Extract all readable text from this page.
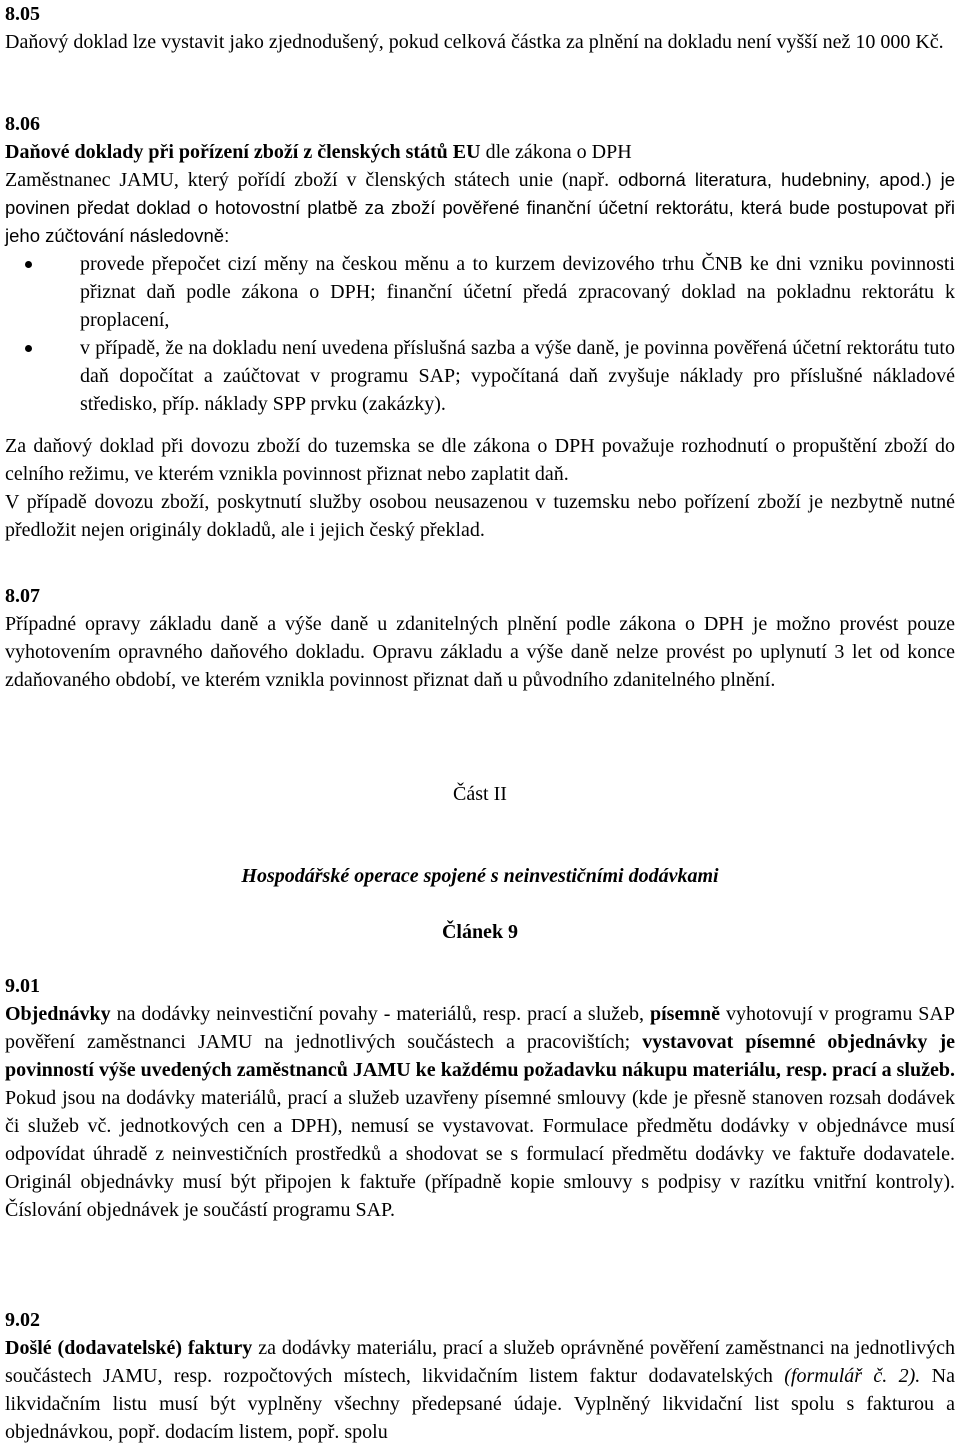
8.05

Daňový doklad lze vystavit jako zjednodušený, pokud celková částka za plnění na dokladu není vyšší než 10 000 Kč.

8.06

Daňové doklady při pořízení zboží z členských států EU dle zákona o DPH

Zaměstnanec JAMU, který pořídí zboží v členských státech unie (např. odborná literatura, hudebniny, apod.) je povinen předat doklad o hotovostní platbě za zboží pověřené finanční účetní rektorátu, která bude postupovat při jeho zúčtování následovně:

provede přepočet cizí měny na českou měnu a to kurzem devizového trhu ČNB ke dni vzniku povinnosti přiznat daň podle zákona o DPH; finanční účetní předá zpracovaný doklad na pokladnu rektorátu k proplacení,
v případě, že na dokladu není uvedena příslušná sazba a výše daně, je povinna pověřená účetní rektorátu tuto daň dopočítat a zaúčtovat v programu SAP; vypočítaná daň zvyšuje náklady pro příslušné nákladové středisko, příp. náklady SPP prvku (zakázky).

Za daňový doklad při dovozu zboží do tuzemska se dle zákona o DPH považuje rozhodnutí o propuštění zboží do celního režimu, ve kterém vznikla povinnost přiznat nebo zaplatit daň.

V případě dovozu zboží, poskytnutí služby osobou neusazenou v tuzemsku nebo pořízení zboží je nezbytně nutné předložit nejen originály dokladů, ale i jejich český překlad.

8.07

Případné opravy základu daně a výše daně u zdanitelných plnění podle zákona o DPH je možno provést pouze vyhotovením opravného daňového dokladu. Opravu základu a výše daně nelze provést po uplynutí 3 let od konce zdaňovaného období, ve kterém vznikla povinnost přiznat daň u původního zdanitelného plnění.

Část II

Hospodářské operace spojené s neinvestičními dodávkami

Článek 9

9.01

Objednávky na dodávky neinvestiční povahy - materiálů, resp. prací a služeb, písemně vyhotovují v programu SAP pověření zaměstnanci JAMU na jednotlivých součástech a pracovištích; vystavovat písemné objednávky je povinností výše uvedených zaměstnanců JAMU ke každému požadavku nákupu materiálu, resp. prací a služeb. Pokud jsou na dodávky materiálů, prací a služeb uzavřeny písemné smlouvy (kde je přesně stanoven rozsah dodávek či služeb vč. jednotkových cen a DPH), nemusí se vystavovat. Formulace předmětu dodávky v objednávce musí odpovídat úhradě z neinvestičních prostředků a shodovat se s formulací předmětu dodávky ve faktuře dodavatele. Originál objednávky musí být připojen k faktuře (případně kopie smlouvy s podpisy v razítku vnitřní kontroly). Číslování objednávek je součástí programu SAP.

9.02

Došlé (dodavatelské) faktury za dodávky materiálu, prací a služeb oprávněné pověření zaměstnanci na jednotlivých součástech JAMU, resp. rozpočtových místech, likvidačním listem faktur dodavatelských (formulář č. 2). Na likvidačním listu musí být vyplněny všechny předepsané údaje. Vyplněný likvidační list spolu s fakturou a objednávkou, popř. dodacím listem, popř. spolu
